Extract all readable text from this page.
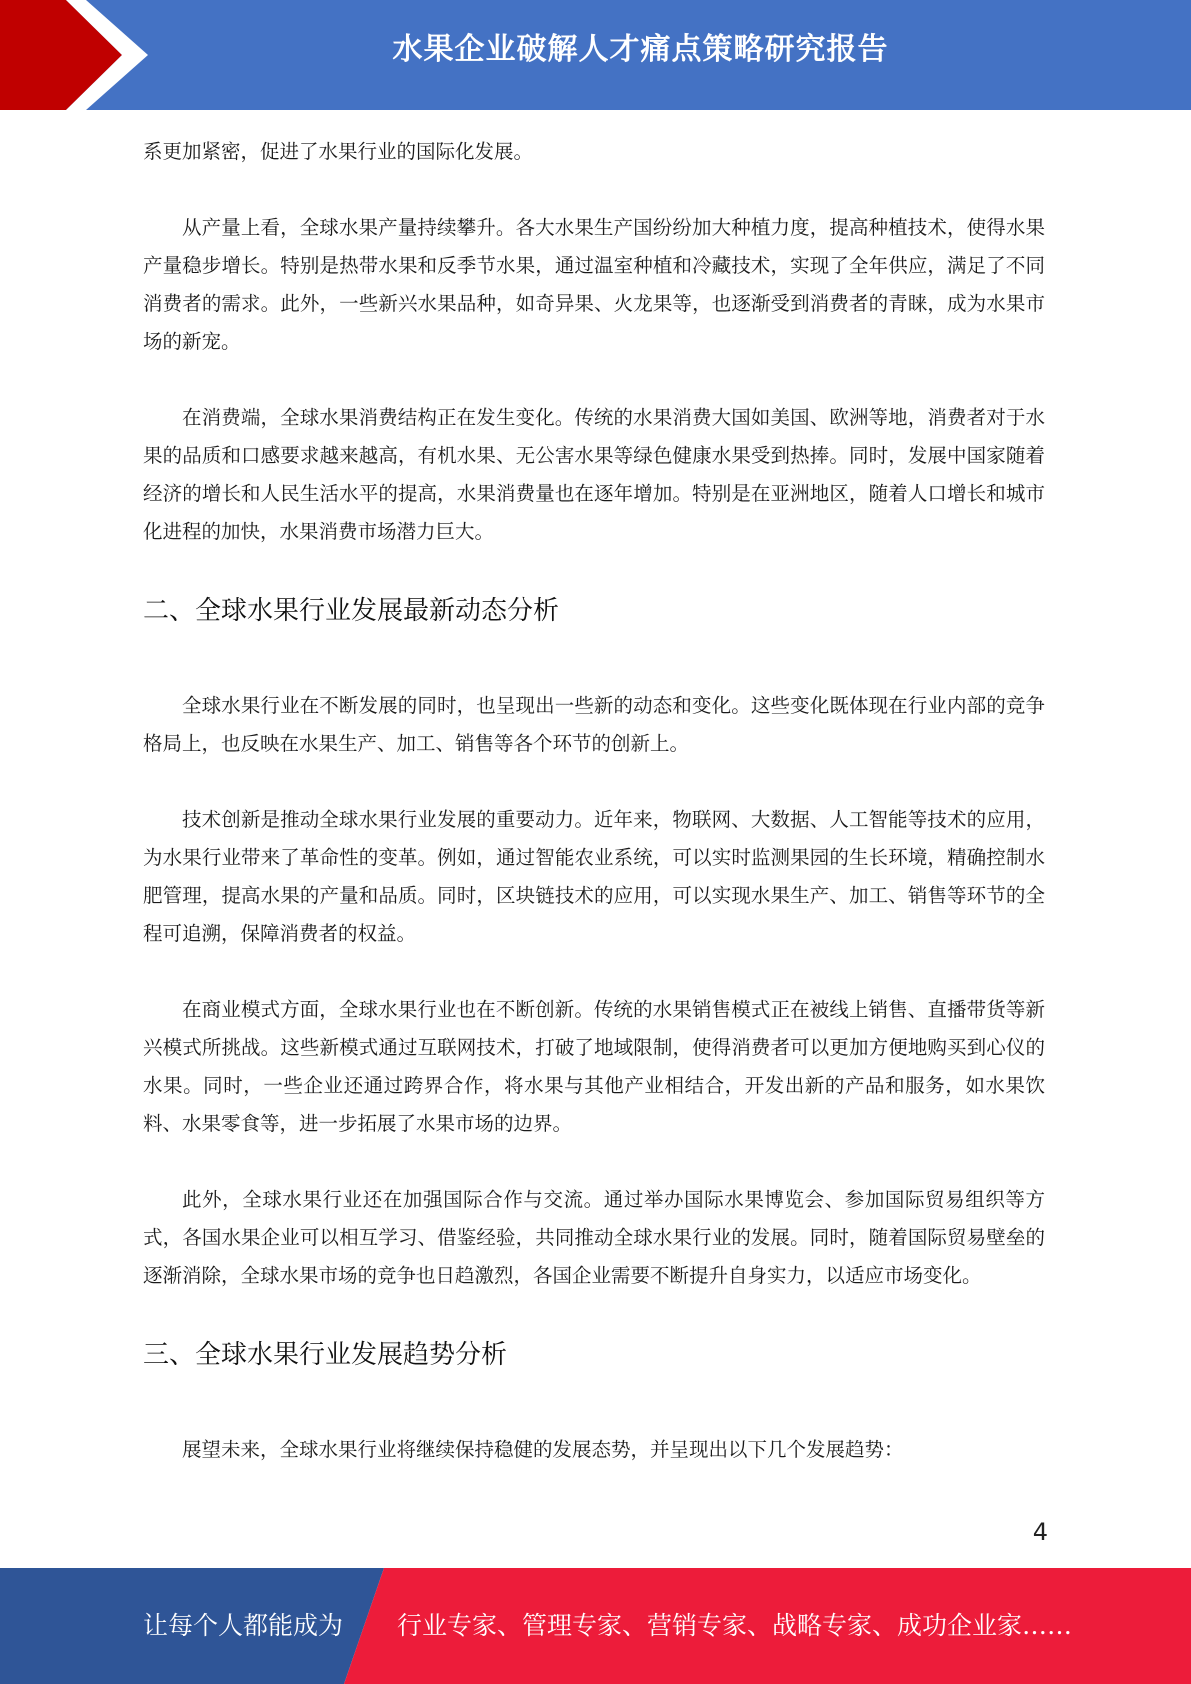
水果企业破解人才痛点策略研究报告

系更加紧密，促进了水果行业的国际化发展。

从产量上看，全球水果产量持续攀升。各大水果生产国纷纷加大种植力度，提高种植技术，使得水果产量稳步增长。特别是热带水果和反季节水果，通过温室种植和冷藏技术，实现了全年供应，满足了不同消费者的需求。此外，一些新兴水果品种，如奇异果、火龙果等，也逐渐受到消费者的青睐，成为水果市场的新宠。

在消费端，全球水果消费结构正在发生变化。传统的水果消费大国如美国、欧洲等地，消费者对于水果的品质和口感要求越来越高，有机水果、无公害水果等绿色健康水果受到热捧。同时，发展中国家随着经济的增长和人民生活水平的提高，水果消费量也在逐年增加。特别是在亚洲地区，随着人口增长和城市化进程的加快，水果消费市场潜力巨大。

二、全球水果行业发展最新动态分析

全球水果行业在不断发展的同时，也呈现出一些新的动态和变化。这些变化既体现在行业内部的竞争格局上，也反映在水果生产、加工、销售等各个环节的创新上。

技术创新是推动全球水果行业发展的重要动力。近年来，物联网、大数据、人工智能等技术的应用，为水果行业带来了革命性的变革。例如，通过智能农业系统，可以实时监测果园的生长环境，精确控制水肥管理，提高水果的产量和品质。同时，区块链技术的应用，可以实现水果生产、加工、销售等环节的全程可追溯，保障消费者的权益。

在商业模式方面，全球水果行业也在不断创新。传统的水果销售模式正在被线上销售、直播带货等新兴模式所挑战。这些新模式通过互联网技术，打破了地域限制，使得消费者可以更加方便地购买到心仪的水果。同时，一些企业还通过跨界合作，将水果与其他产业相结合，开发出新的产品和服务，如水果饮料、水果零食等，进一步拓展了水果市场的边界。

此外，全球水果行业还在加强国际合作与交流。通过举办国际水果博览会、参加国际贸易组织等方式，各国水果企业可以相互学习、借鉴经验，共同推动全球水果行业的发展。同时，随着国际贸易壁垒的逐渐消除，全球水果市场的竞争也日趋激烈，各国企业需要不断提升自身实力，以适应市场变化。

三、全球水果行业发展趋势分析

展望未来，全球水果行业将继续保持稳健的发展态势，并呈现出以下几个发展趋势：

4
让每个人都能成为 行业专家、管理专家、营销专家、战略专家、成功企业家……
